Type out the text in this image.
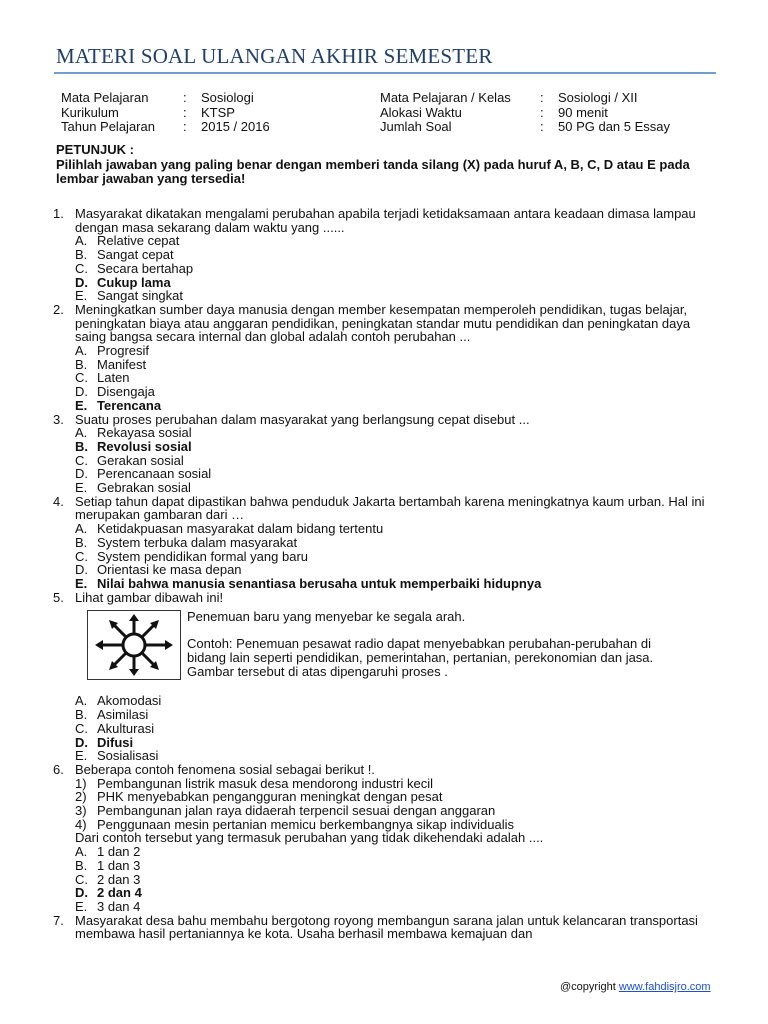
MATERI SOAL ULANGAN AKHIR SEMESTER
Mata Pelajaran	:	Sosiologi
Kurikulum	:	KTSP
Tahun Pelajaran	:	2015 / 2016
Mata Pelajaran / Kelas	:	Sosiologi / XII
Alokasi Waktu	:	90 menit
Jumlah Soal	:	50 PG dan 5 Essay
PETUNJUK :
Pilihlah jawaban yang paling benar dengan memberi tanda silang (X) pada huruf A, B, C, D atau E pada lembar jawaban yang tersedia!
1. Masyarakat dikatakan mengalami perubahan apabila terjadi ketidaksamaan antara keadaan dimasa lampau dengan masa sekarang dalam waktu yang ......
A. Relative cepat
B. Sangat cepat
C. Secara bertahap
D. Cukup lama
E. Sangat singkat
2. Meningkatkan sumber daya manusia dengan member kesempatan memperoleh pendidikan, tugas belajar, peningkatan biaya atau anggaran pendidikan, peningkatan standar mutu pendidikan dan peningkatan daya saing bangsa secara internal dan global adalah contoh perubahan ...
A. Progresif
B. Manifest
C. Laten
D. Disengaja
E. Terencana
3. Suatu proses perubahan dalam masyarakat yang berlangsung cepat disebut ...
A. Rekayasa sosial
B. Revolusi sosial
C. Gerakan sosial
D. Perencanaan sosial
E. Gebrakan sosial
4. Setiap tahun dapat dipastikan bahwa penduduk Jakarta bertambah karena meningkatnya kaum urban. Hal ini merupakan gambaran dari …
A. Ketidakpuasan masyarakat dalam bidang tertentu
B. System terbuka dalam masyarakat
C. System pendidikan formal yang baru
D. Orientasi ke masa depan
E. Nilai bahwa manusia senantiasa berusaha untuk memperbaiki hidupnya
5. Lihat gambar dibawah ini!

Penemuan baru yang menyebar ke segala arah.

Contoh: Penemuan pesawat radio dapat menyebabkan perubahan-perubahan di bidang lain seperti pendidikan, pemerintahan, pertanian, perekonomian dan jasa. Gambar tersebut di atas dipengaruhi proses .

A. Akomodasi
B. Asimilasi
C. Akulturasi
D. Difusi
E. Sosialisasi
6. Beberapa contoh fenomena sosial sebagai berikut !.
1) Pembangunan listrik masuk desa mendorong industri kecil
2) PHK menyebabkan pengangguran meningkat dengan pesat
3) Pembangunan jalan raya didaerah terpencil sesuai dengan anggaran
4) Penggunaan mesin pertanian memicu berkembangnya sikap individualis
Dari contoh tersebut yang termasuk perubahan yang tidak dikehendaki adalah ....
A. 1 dan 2
B. 1 dan 3
C. 2 dan 3
D. 2 dan 4
E. 3 dan 4
7. Masyarakat desa bahu membahu bergotong royong membangun sarana jalan untuk kelancaran transportasi membawa hasil pertaniannya ke kota. Usaha berhasil membawa kemajuan dan
@copyright www.fahdisjro.com
